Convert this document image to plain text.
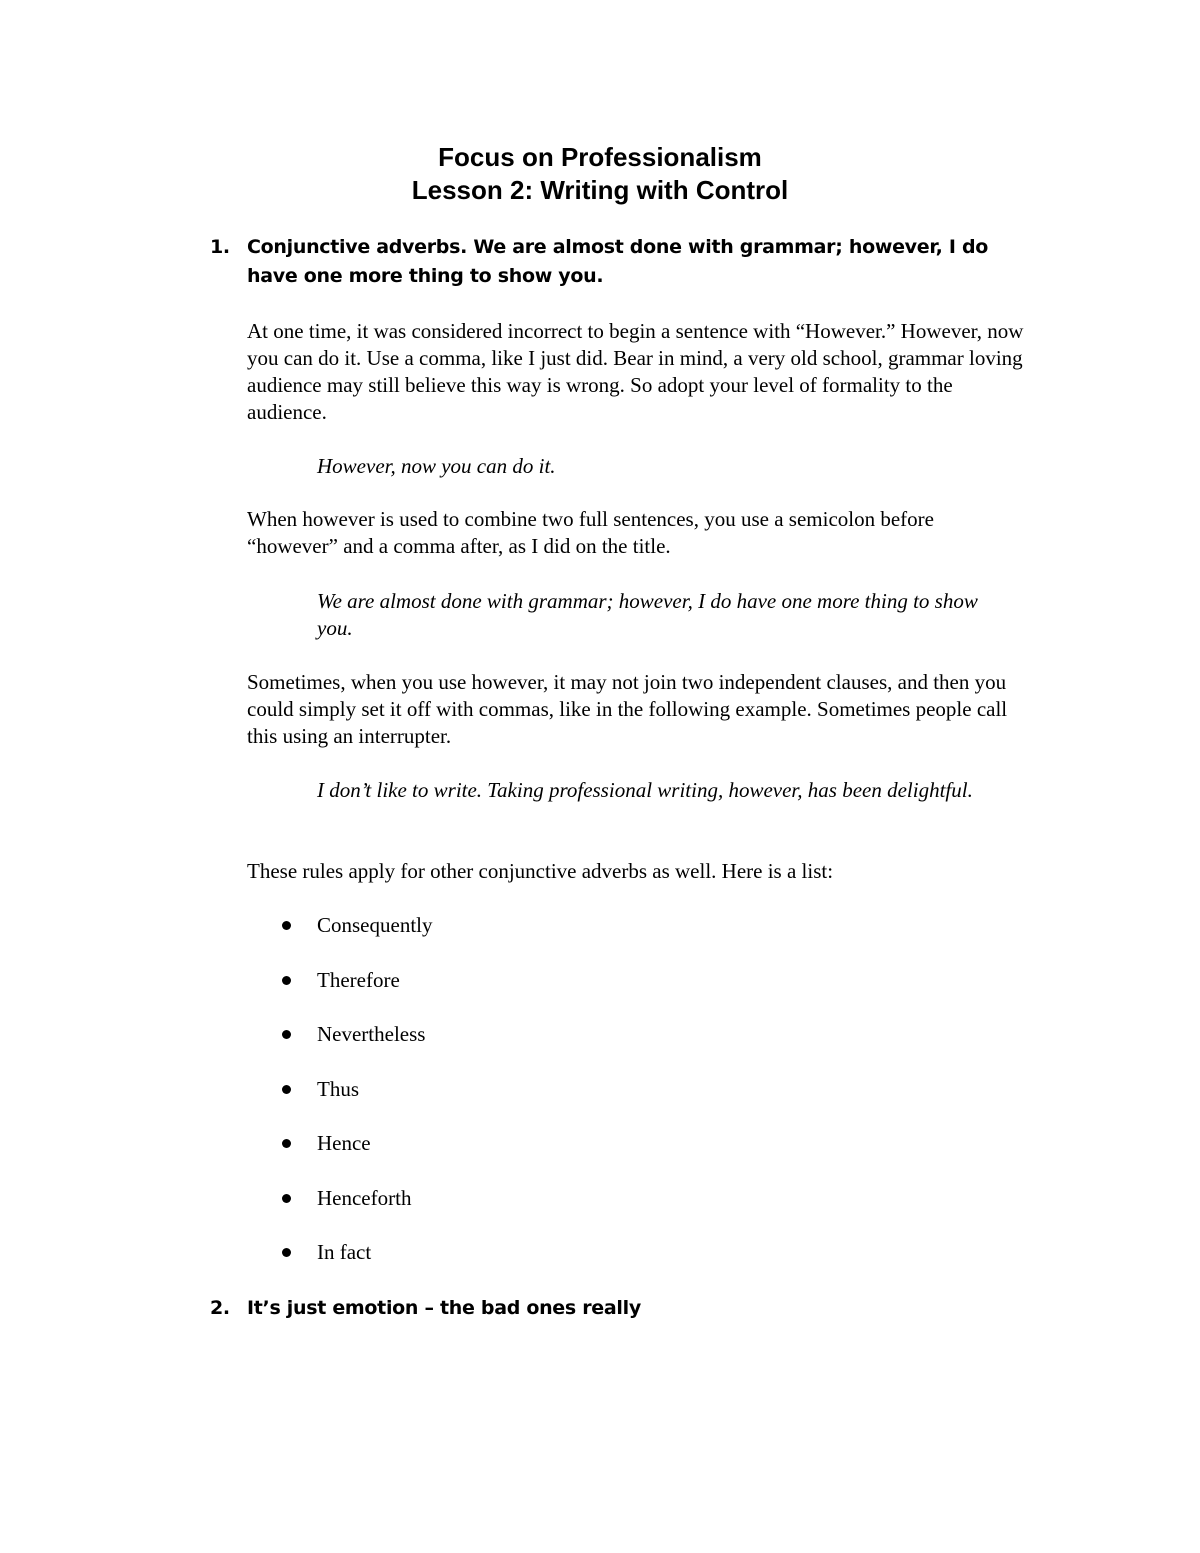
Focus on Professionalism
Lesson 2: Writing with Control
1. Conjunctive adverbs. We are almost done with grammar; however, I do have one more thing to show you.
At one time, it was considered incorrect to begin a sentence with “However.” However, now you can do it. Use a comma, like I just did. Bear in mind, a very old school, grammar loving audience may still believe this way is wrong. So adopt your level of formality to the audience.
However, now you can do it.
When however is used to combine two full sentences, you use a semicolon before “however” and a comma after, as I did on the title.
We are almost done with grammar; however, I do have one more thing to show you.
Sometimes, when you use however, it may not join two independent clauses, and then you could simply set it off with commas, like in the following example. Sometimes people call this using an interrupter.
I don’t like to write. Taking professional writing, however, has been delightful.
These rules apply for other conjunctive adverbs as well. Here is a list:
Consequently
Therefore
Nevertheless
Thus
Hence
Henceforth
In fact
2. It’s just emotion – the bad ones really
